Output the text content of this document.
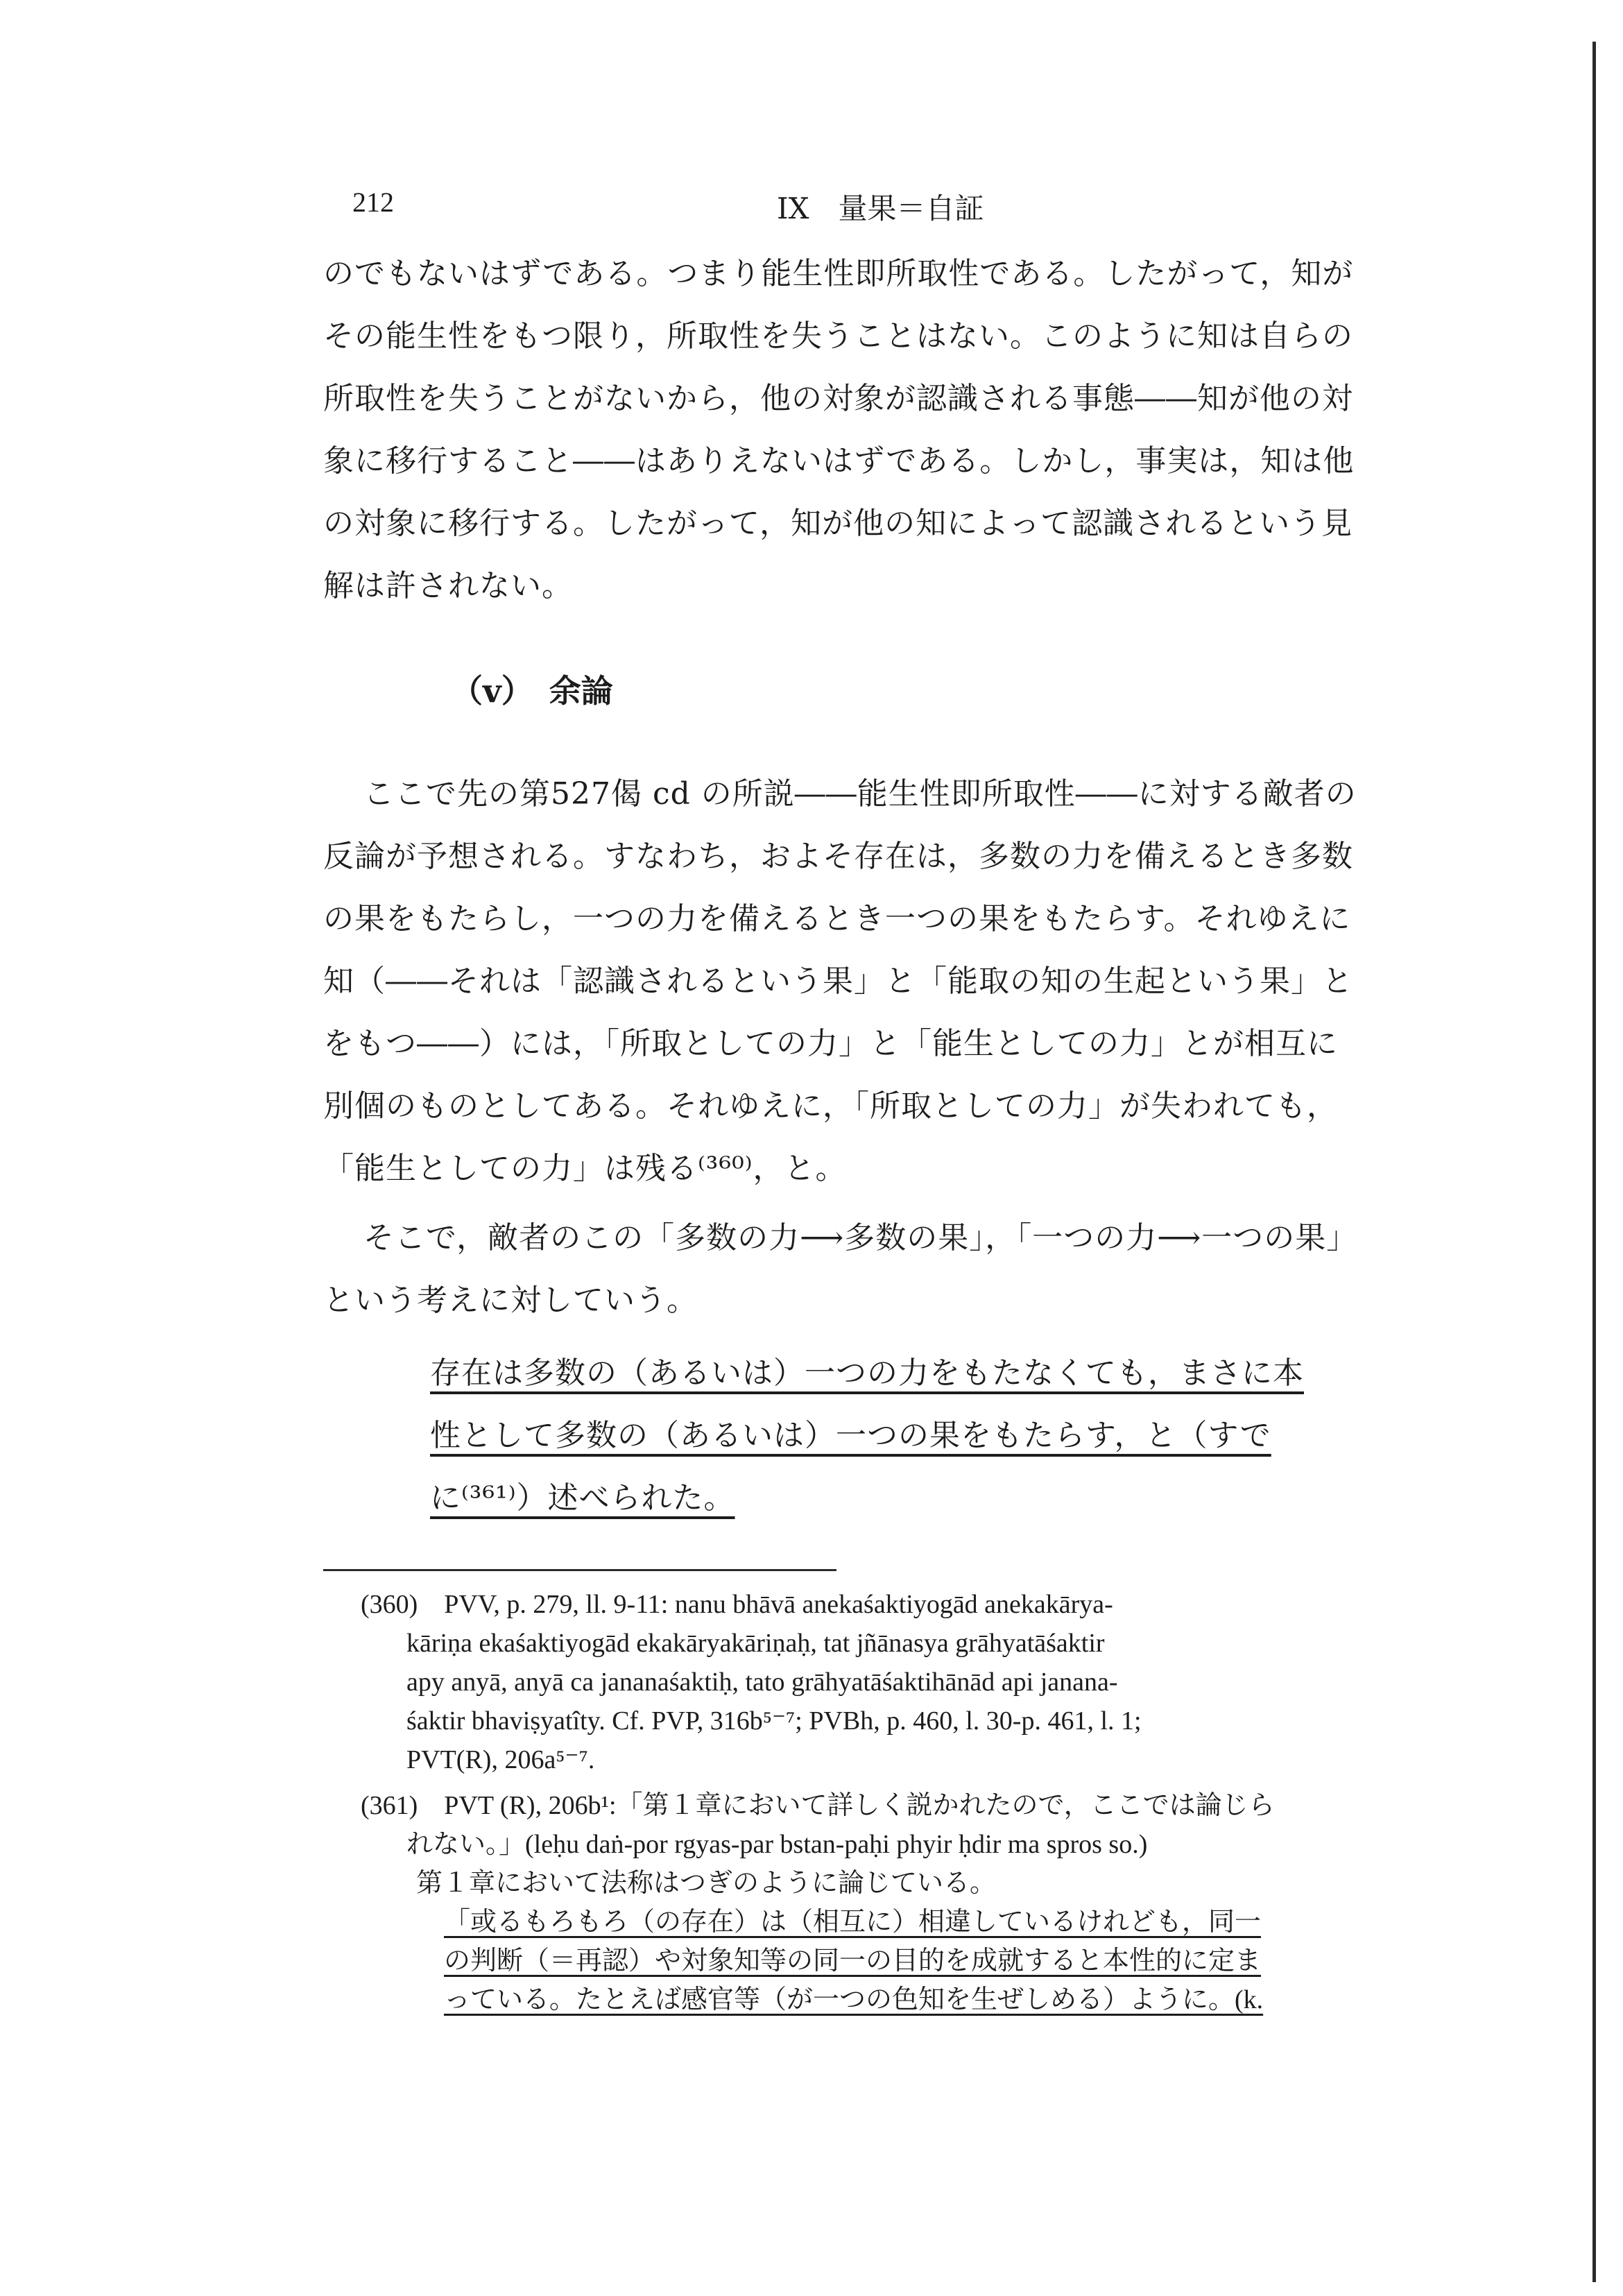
212	IX　量果＝自証
のでもないはずである。つまり能生性即所取性である。したがって，知が
その能生性をもつ限り，所取性を失うことはない。このように知は自らの
所取性を失うことがないから，他の対象が認識される事態――知が他の対
象に移行すること――はありえないはずである。しかし，事実は，知は他
の対象に移行する。したがって，知が他の知によって認識されるという見
解は許されない。
（v）　余論
ここで先の第527偈 cd の所説――能生性即所取性――に対する敵者の
反論が予想される。すなわち，およそ存在は，多数の力を備えるとき多数
の果をもたらし，一つの力を備えるとき一つの果をもたらす。それゆえに
知（――それは「認識されるという果」と「能取の知の生起という果」と
をもつ――）には，「所取としての力」と「能生としての力」とが相互に
別個のものとしてある。それゆえに，「所取としての力」が失われても，
「能生としての力」は残る⁽³⁶⁰⁾，と。
そこで，敵者のこの「多数の力⟶多数の果」，「一つの力⟶一つの果」
という考えに対していう。
存在は多数の（あるいは）一つの力をもたなくても，まさに本
性として多数の（あるいは）一つの果をもたらす，と（すで
に⁽³⁶¹⁾）述べられた。
(360)　PVV, p. 279, ll. 9-11: nanu bhāvā anekaśaktiyogād anekakārya-
kāriṇa ekaśaktiyogād ekakāryakāriṇaḥ, tat jñānasya grāhyatāśaktir
apy anyā, anyā ca jananaśaktiḥ, tato grāhyatāśaktihānād api janana-
śaktir bhaviṣyatîty. Cf. PVP, 316b⁵⁻⁷; PVBh, p. 460, l. 30-p. 461, l. 1;
PVT(R), 206a⁵⁻⁷.
(361)　PVT (R), 206b¹:「第１章において詳しく説かれたので，ここでは論じら
れない。」(leḥu daṅ-por rgyas-par bstan-paḥi phyir ḥdir ma spros so.)
第１章において法称はつぎのように論じている。
「或るもろもろ（の存在）は（相互に）相違しているけれども，同一
の判断（＝再認）や対象知等の同一の目的を成就すると本性的に定ま
っている。たとえば感官等（が一つの色知を生ぜしめる）ように。(k.
